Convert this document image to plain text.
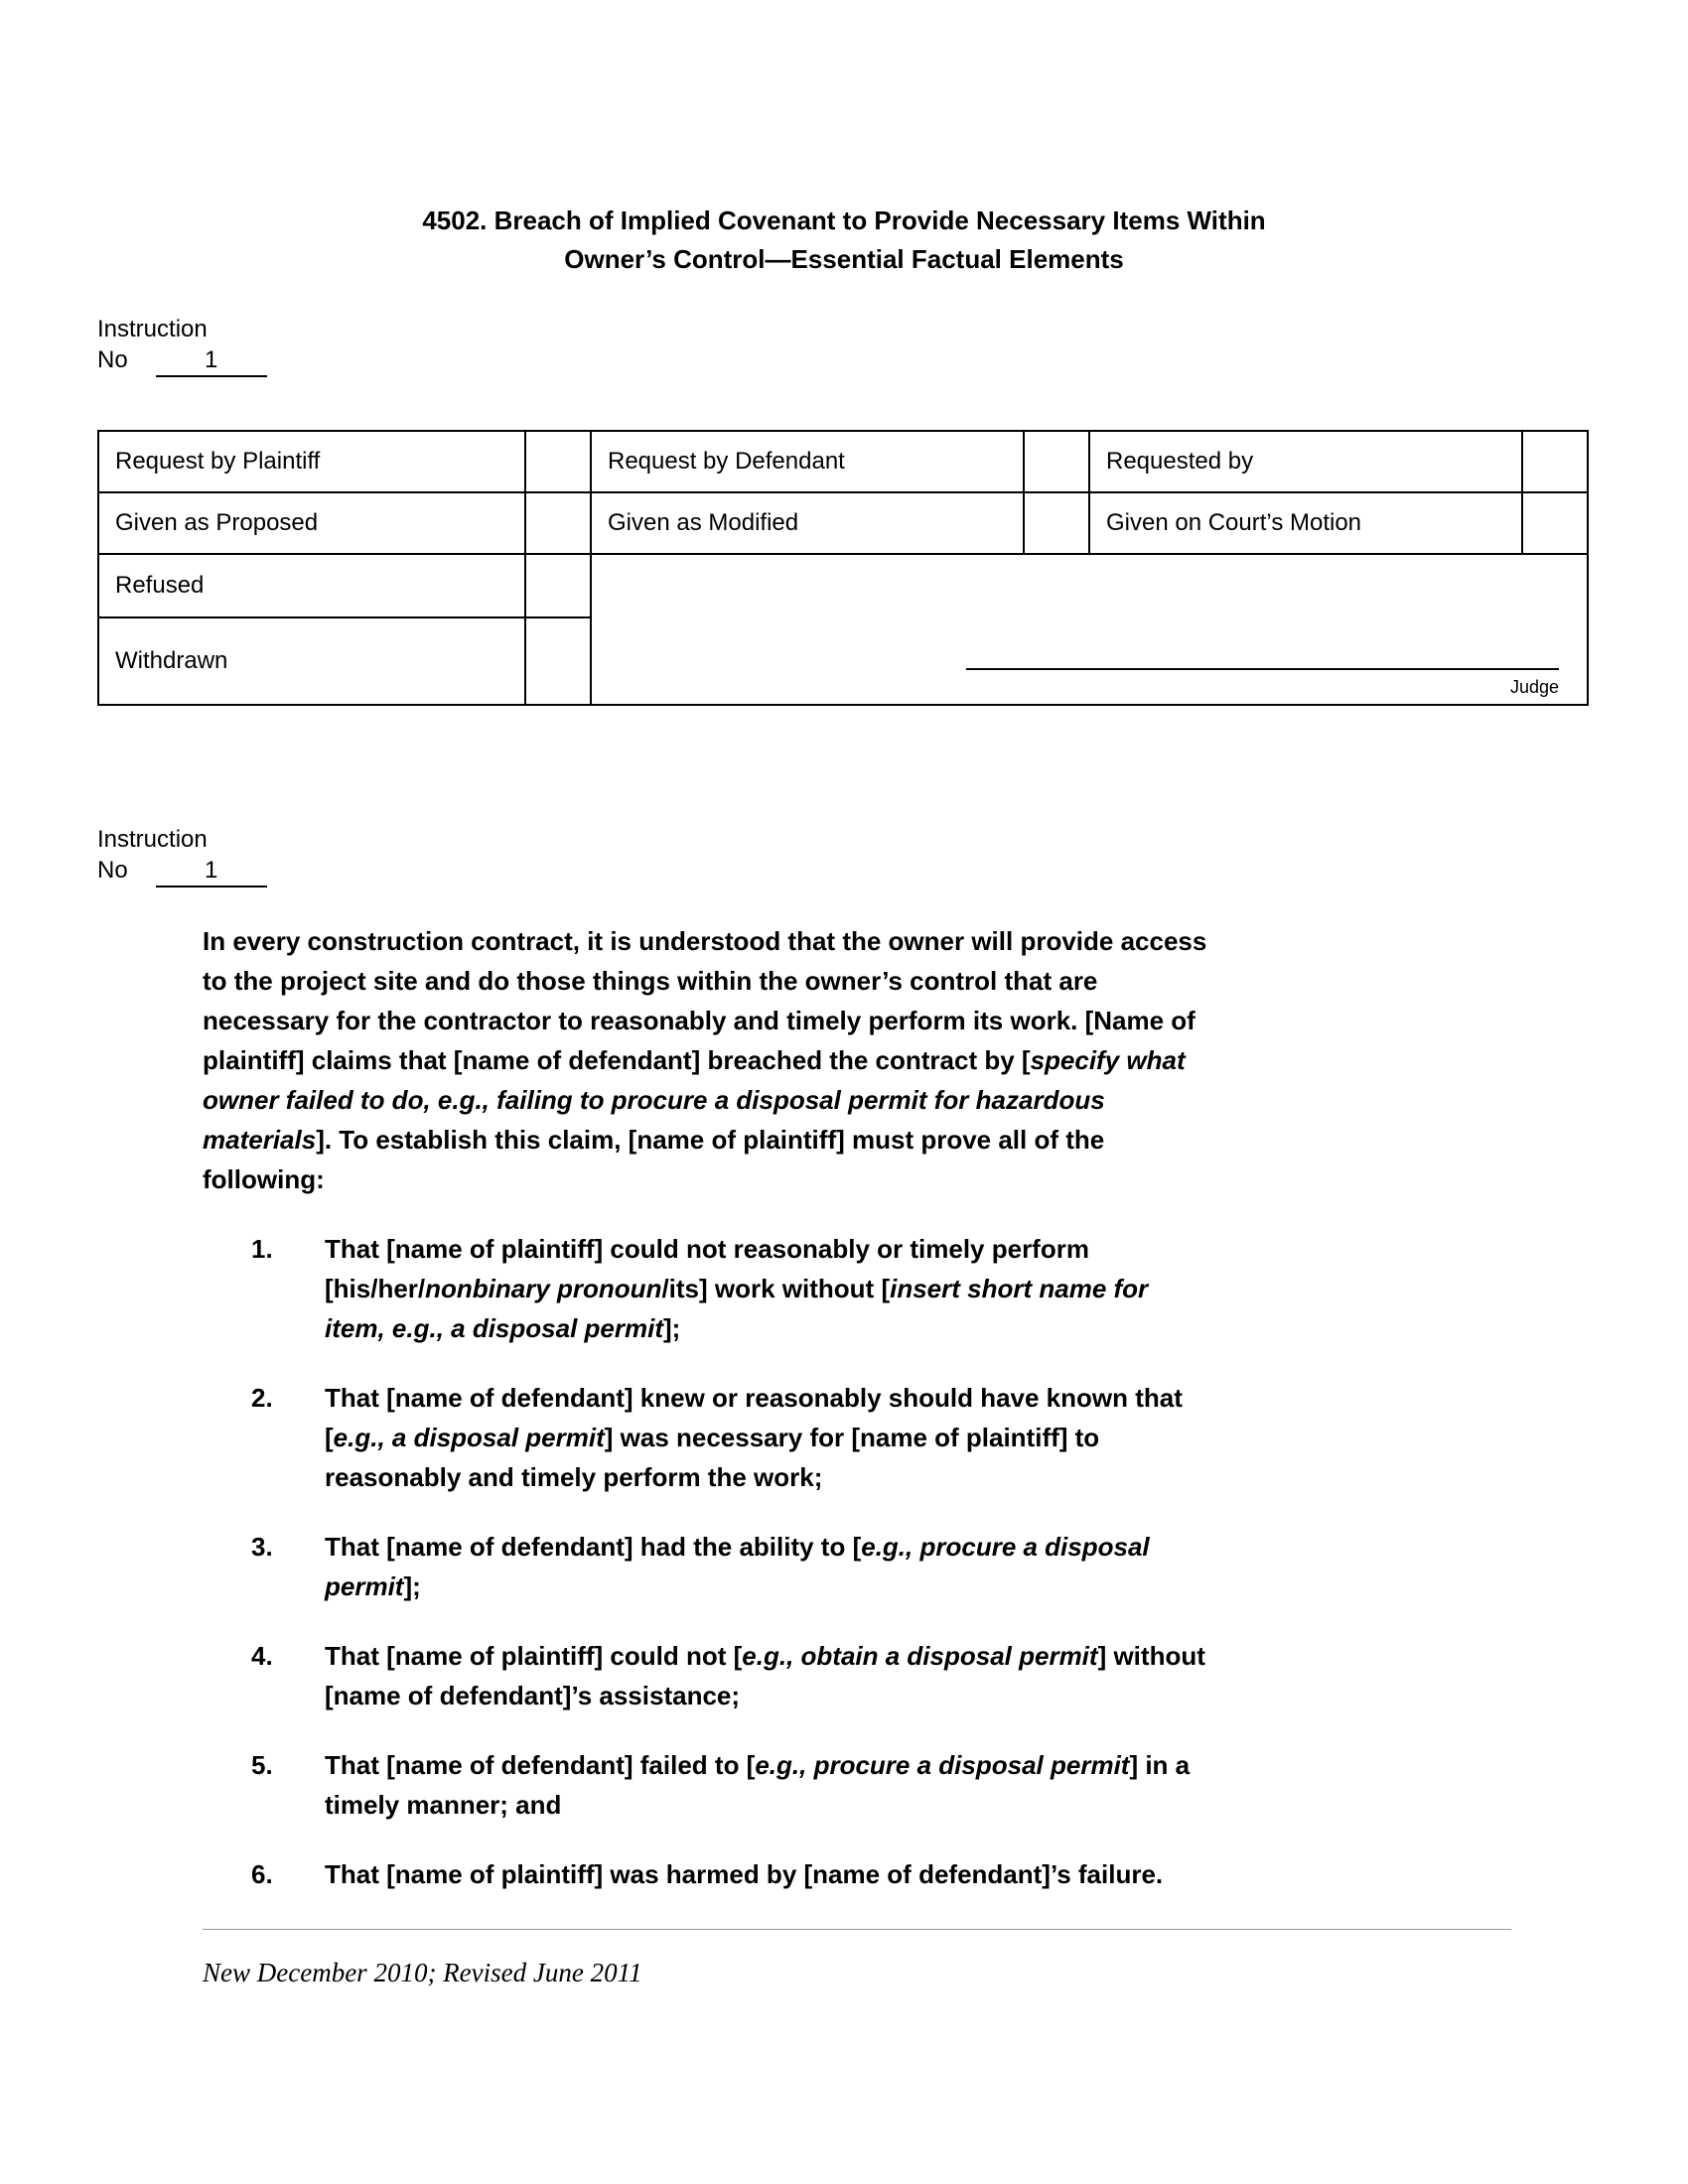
4502. Breach of Implied Covenant to Provide Necessary Items Within
Owner’s Control—Essential Factual Elements
Instruction
No	1
Request by Plaintiff		Request by Defendant		Requested by	
Given as Proposed		Given as Modified		Given on Court’s Motion	
Refused		Judge			

Withdrawn					
Instruction
No	1
In every construction contract, it is understood that the owner will provide access
to the project site and do those things within the owner’s control that are
necessary for the contractor to reasonably and timely perform its work. [Name of
plaintiff] claims that [name of defendant] breached the contract by [specify what
owner failed to do, e.g., failing to procure a disposal permit for hazardous
materials]. To establish this claim, [name of plaintiff] must prove all of the
following:
1.	That [name of plaintiff] could not reasonably or timely perform
[his/her/nonbinary pronoun/its] work without [insert short name for
item, e.g., a disposal permit];
2.	That [name of defendant] knew or reasonably should have known that
[e.g., a disposal permit] was necessary for [name of plaintiff] to
reasonably and timely perform the work;
3.	That [name of defendant] had the ability to [e.g., procure a disposal
permit];
4.	That [name of plaintiff] could not [e.g., obtain a disposal permit] without
[name of defendant]’s assistance;
5.	That [name of defendant] failed to [e.g., procure a disposal permit] in a
timely manner; and
6.	That [name of plaintiff] was harmed by [name of defendant]’s failure.
New December 2010; Revised June 2011
